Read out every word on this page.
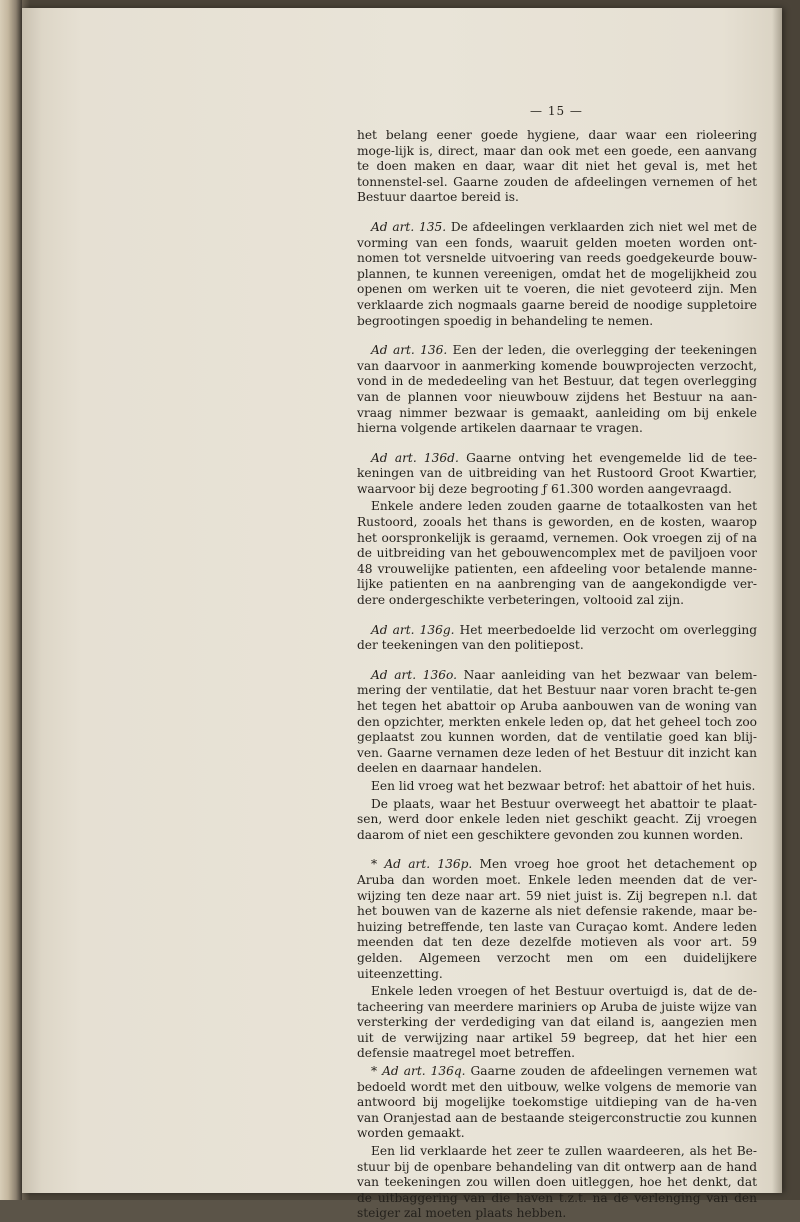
— 15 —

het belang eener goede hygiene, daar waar een rioleering moge-lijk is, direct, maar dan ook met een goede, een aanvang te doen maken en daar, waar dit niet het geval is, met het tonnenstel-sel. Gaarne zouden de afdeelingen vernemen of het Bestuur daartoe bereid is.

Ad art. 135. De afdeelingen verklaarden zich niet wel met de vorming van een fonds, waaruit gelden moeten worden ont-nomen tot versnelde uitvoering van reeds goedgekeurde bouw-plannen, te kunnen vereenigen, omdat het de mogelijkheid zou openen om werken uit te voeren, die niet gevoteerd zijn. Men verklaarde zich nogmaals gaarne bereid de noodige suppletoire begrootingen spoedig in behandeling te nemen.

Ad art. 136. Een der leden, die overlegging der teekeningen van daarvoor in aanmerking komende bouwprojecten verzocht, vond in de mededeeling van het Bestuur, dat tegen overlegging van de plannen voor nieuwbouw zijdens het Bestuur na aan-vraag nimmer bezwaar is gemaakt, aanleiding om bij enkele hierna volgende artikelen daarnaar te vragen.

Ad art. 136d. Gaarne ontving het evengemelde lid de tee-keningen van de uitbreiding van het Rustoord Groot Kwartier, waarvoor bij deze begrooting ƒ 61.300 worden aangevraagd.

Enkele andere leden zouden gaarne de totaalkosten van het Rustoord, zooals het thans is geworden, en de kosten, waarop het oorspronkelijk is geraamd, vernemen. Ook vroegen zij of na de uitbreiding van het gebouwencomplex met de paviljoen voor 48 vrouwelijke patienten, een afdeeling voor betalende manne-lijke patienten en na aanbrenging van de aangekondigde ver-dere ondergeschikte verbeteringen, voltooid zal zijn.

Ad art. 136g. Het meerbedoelde lid verzocht om overlegging der teekeningen van den politiepost.

Ad art. 136o. Naar aanleiding van het bezwaar van belem-mering der ventilatie, dat het Bestuur naar voren bracht te-gen het tegen het abattoir op Aruba aanbouwen van de woning van den opzichter, merkten enkele leden op, dat het geheel toch zoo geplaatst zou kunnen worden, dat de ventilatie goed kan blij-ven. Gaarne vernamen deze leden of het Bestuur dit inzicht kan deelen en daarnaar handelen.

Een lid vroeg wat het bezwaar betrof: het abattoir of het huis.

De plaats, waar het Bestuur overweegt het abattoir te plaat-sen, werd door enkele leden niet geschikt geacht. Zij vroegen daarom of niet een geschiktere gevonden zou kunnen worden.

* Ad art. 136p. Men vroeg hoe groot het detachement op Aruba dan worden moet. Enkele leden meenden dat de ver-wijzing ten deze naar art. 59 niet juist is. Zij begrepen n.l. dat het bouwen van de kazerne als niet defensie rakende, maar be-huizing betreffende, ten laste van Curaçao komt. Andere leden meenden dat ten deze dezelfde motieven als voor art. 59 gelden. Algemeen verzocht men om een duidelijkere uiteenzetting.

Enkele leden vroegen of het Bestuur overtuigd is, dat de de-tacheering van meerdere mariniers op Aruba de juiste wijze van versterking der verdediging van dat eiland is, aangezien men uit de verwijzing naar artikel 59 begreep, dat het hier een defensie maatregel moet betreffen.

* Ad art. 136q. Gaarne zouden de afdeelingen vernemen wat bedoeld wordt met den uitbouw, welke volgens de memorie van antwoord bij mogelijke toekomstige uitdieping van de ha-ven van Oranjestad aan de bestaande steigerconstructie zou kunnen worden gemaakt.

Een lid verklaarde het zeer te zullen waardeeren, als het Be-stuur bij de openbare behandeling van dit ontwerp aan de hand van teekeningen zou willen doen uitleggen, hoe het denkt, dat de uitbaggering van die haven t.z.t. na de verlenging van den steiger zal moeten plaats hebben.
